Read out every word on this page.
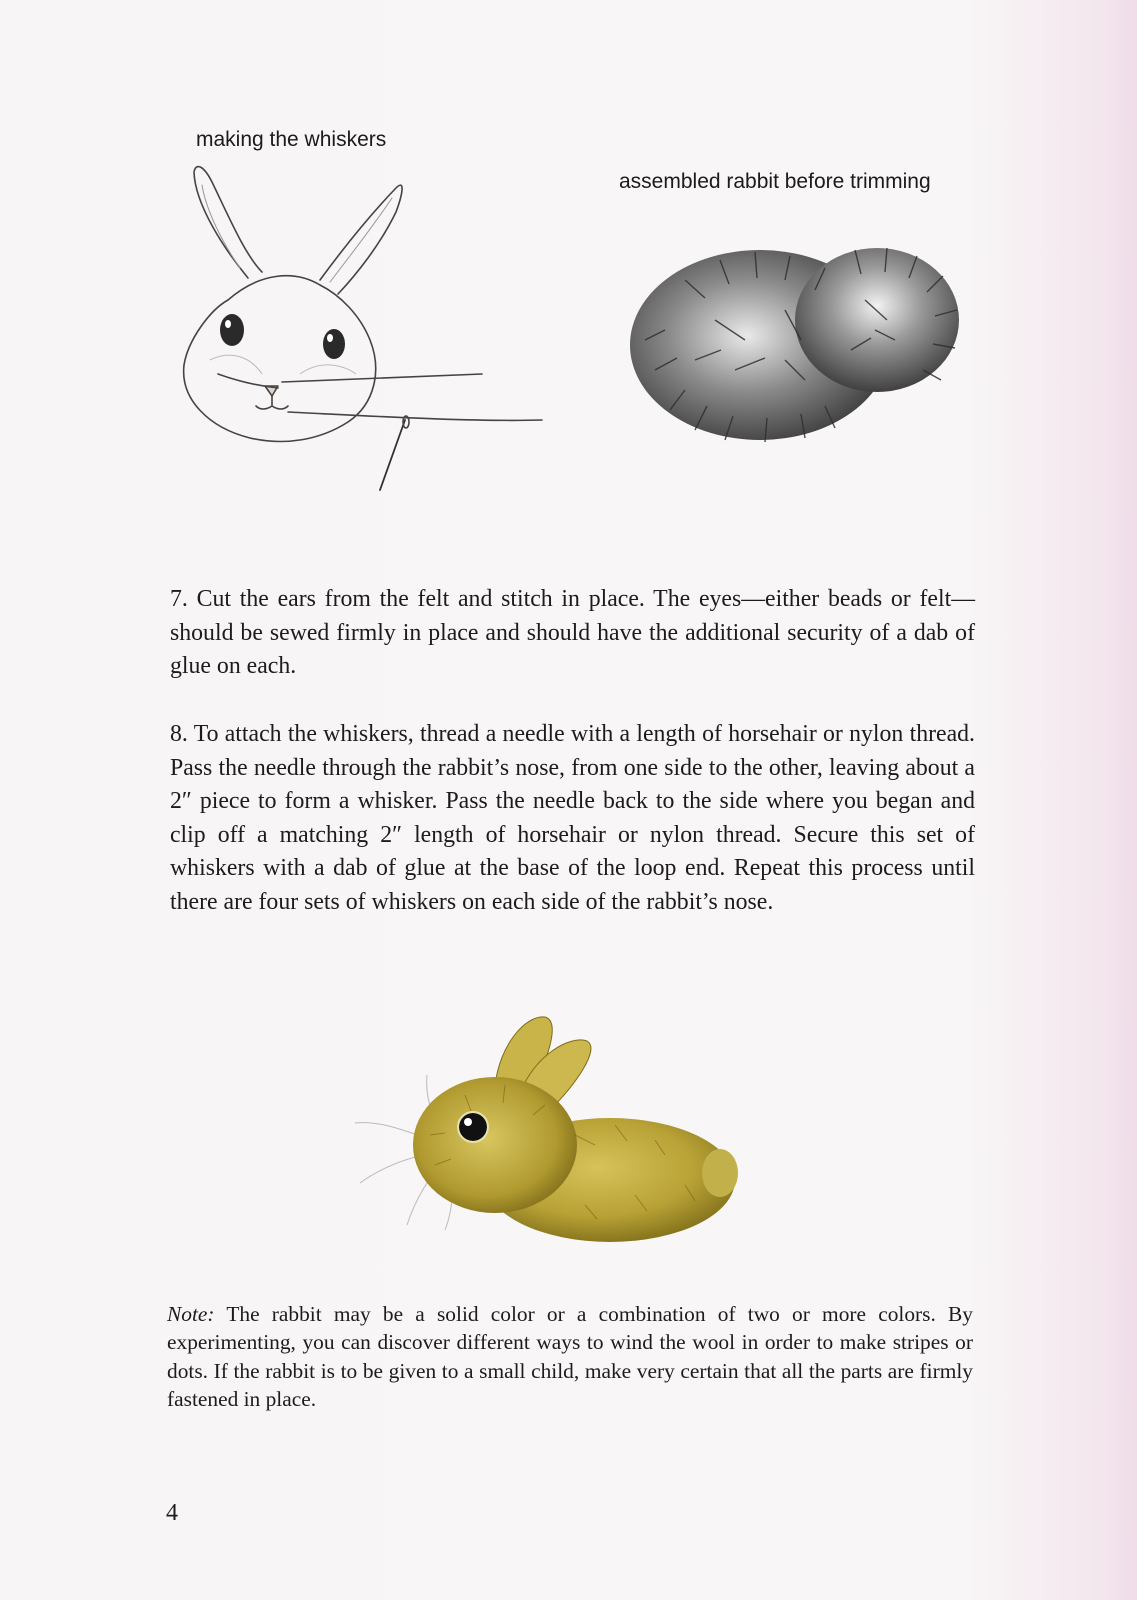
making the whiskers
assembled rabbit before trimming

7. Cut the ears from the felt and stitch in place. The eyes—either beads or felt—should be sewed firmly in place and should have the additional security of a dab of glue on each.

8. To attach the whiskers, thread a needle with a length of horsehair or nylon thread. Pass the needle through the rabbit’s nose, from one side to the other, leaving about a 2″ piece to form a whisker. Pass the needle back to the side where you began and clip off a matching 2″ length of horsehair or nylon thread. Secure this set of whiskers with a dab of glue at the base of the loop end. Repeat this process until there are four sets of whiskers on each side of the rabbit’s nose.

Note: The rabbit may be a solid color or a combination of two or more colors. By experimenting, you can discover different ways to wind the wool in order to make stripes or dots. If the rabbit is to be given to a small child, make very certain that all the parts are firmly fastened in place.

4
